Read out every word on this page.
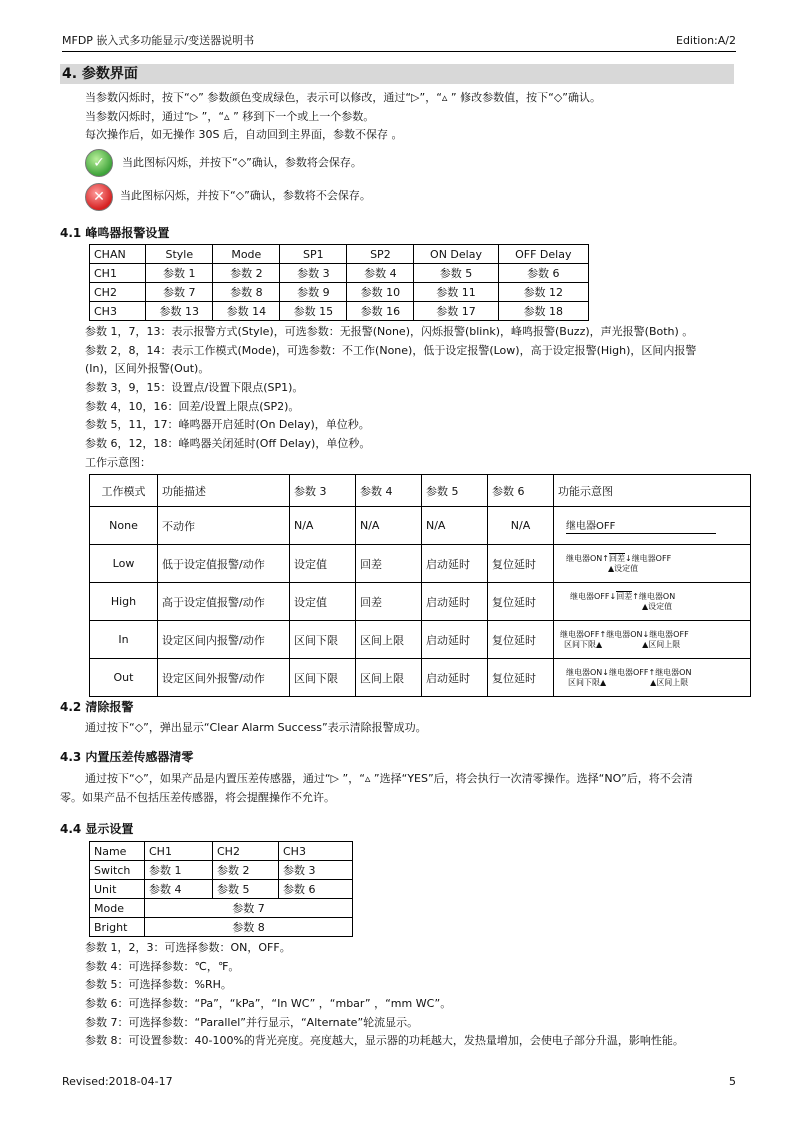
MFDP 嵌入式多功能显示/变送器说明书	Edition:A/2
4. 参数界面
当参数闪烁时，按下“◇” 参数颜色变成绿色，表示可以修改，通过“▷”，“▵ ” 修改参数值，按下“◇”确认。
当参数闪烁时，通过“▷ ”，“▵ ” 移到下一个或上一个参数。
每次操作后，如无操作 30S 后，自动回到主界面，参数不保存 。
✓	当此图标闪烁，并按下“◇”确认，参数将会保存。
✕	当此图标闪烁，并按下“◇”确认，参数将不会保存。
4.1 峰鸣器报警设置
CHAN	Style	Mode	SP1	SP2	ON Delay	OFF Delay
CH1	参数 1	参数 2	参数 3	参数 4	参数 5	参数 6
CH2	参数 7	参数 8	参数 9	参数 10	参数 11	参数 12
CH3	参数 13	参数 14	参数 15	参数 16	参数 17	参数 18
参数 1，7，13：表示报警方式(Style)，可选参数：无报警(None)，闪烁报警(blink)，峰鸣报警(Buzz)，声光报警(Both) 。
参数 2，8，14：表示工作模式(Mode)，可选参数：不工作(None)，低于设定报警(Low)，高于设定报警(High)，区间内报警
(In)，区间外报警(Out)。
参数 3，9，15：设置点/设置下限点(SP1)。
参数 4，10，16：回差/设置上限点(SP2)。
参数 5，11，17：峰鸣器开启延时(On Delay)，单位秒。
参数 6，12，18：峰鸣器关闭延时(Off Delay)，单位秒。
工作示意图：
工作模式	功能描述	参数 3	参数 4	参数 5	参数 6	功能示意图
None	不动作	N/A	N/A	N/A	N/A	继电器OFF

Low	低于设定值报警/动作	设定值	回差	启动延时	复位延时	继电器ON↑回差↓继电器OFF
▲设定值

High	高于设定值报警/动作	设定值	回差	启动延时	复位延时	继电器OFF↓回差↑继电器ON
▲设定值

In	设定区间内报警/动作	区间下限	区间上限	启动延时	复位延时	继电器OFF↑继电器ON↓继电器OFF
区间下限▲ ▲区间上限

Out	设定区间外报警/动作	区间下限	区间上限	启动延时	复位延时	继电器ON↓继电器OFF↑继电器ON
区间下限▲ ▲区间上限
4.2 清除报警
通过按下“◇”，弹出显示“Clear Alarm Success”表示清除报警成功。
4.3 内置压差传感器清零
通过按下“◇”，如果产品是内置压差传感器，通过“▷ ”，“▵ ”选择“YES”后，将会执行一次清零操作。选择“NO”后，将不会清
零。如果产品不包括压差传感器，将会提醒操作不允许。
4.4 显示设置
Name	CH1	CH2	CH3
Switch	参数 1	参数 2	参数 3
Unit	参数 4	参数 5	参数 6
Mode	参数 7		
Bright	参数 8		
参数 1，2，3：可选择参数：ON，OFF。
参数 4：可选择参数：℃，℉。
参数 5：可选择参数：%RH。
参数 6：可选择参数：“Pa”，“kPa”，“In WC” ，“mbar” ，“mm WC”。
参数 7：可选择参数：“Parallel”并行显示，“Alternate”轮流显示。
参数 8：可设置参数：40-100%的背光亮度。亮度越大，显示器的功耗越大，发热量增加，会使电子部分升温，影响性能。
Revised:2018-04-17	5
